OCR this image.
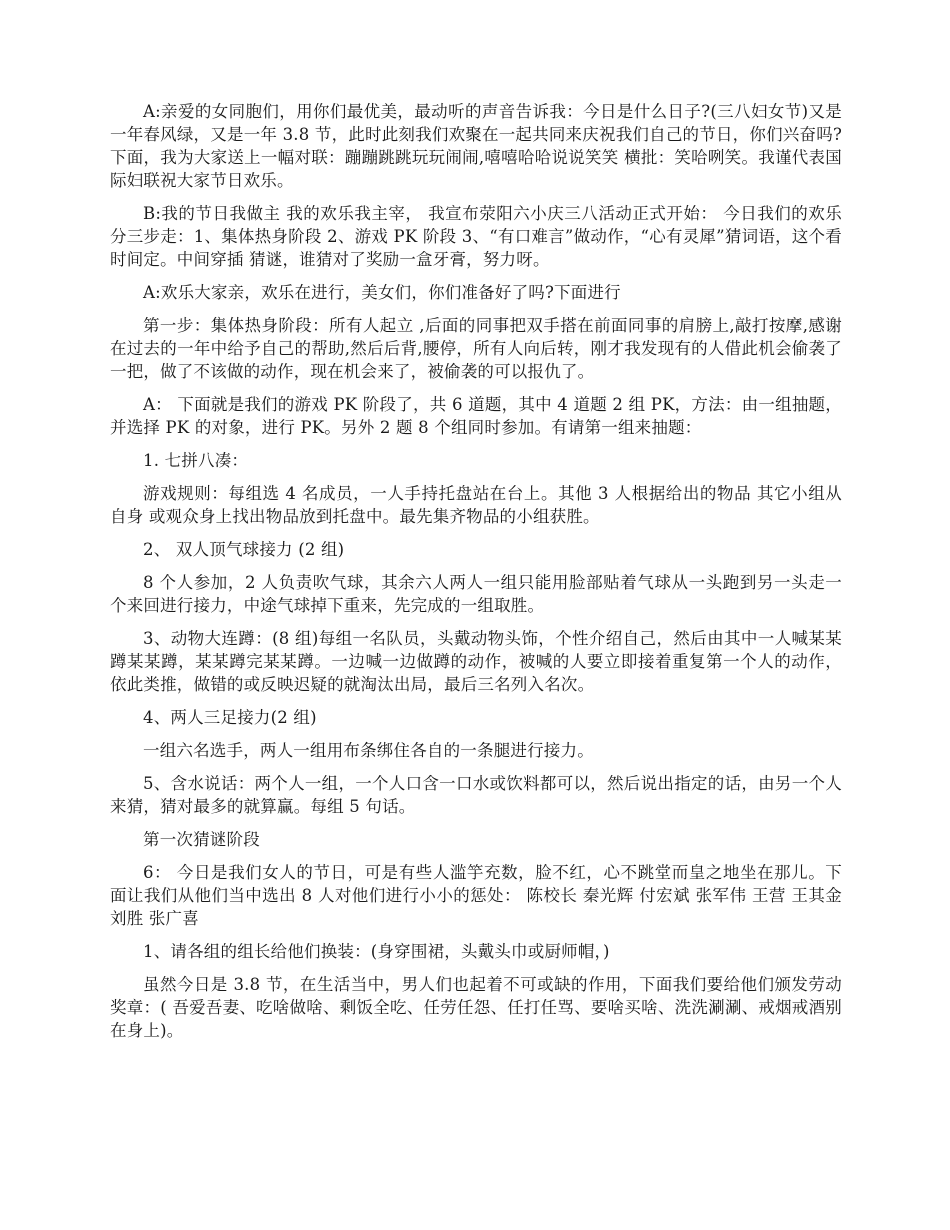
A:亲爱的女同胞们，用你们最优美，最动听的声音告诉我：今日是什么日子?(三八妇女节)又是一年春风绿，又是一年 3.8 节，此时此刻我们欢聚在一起共同来庆祝我们自己的节日，你们兴奋吗?下面，我为大家送上一幅对联：蹦蹦跳跳玩玩闹闹,嘻嘻哈哈说说笑笑 横批：笑哈咧笑。我谨代表国际妇联祝大家节日欢乐。

B:我的节日我做主 我的欢乐我主宰， 我宣布荥阳六小庆三八活动正式开始： 今日我们的欢乐分三步走：1、集体热身阶段 2、游戏 PK 阶段 3、“有口难言”做动作，“心有灵犀”猜词语，这个看时间定。中间穿插 猜谜，谁猜对了奖励一盒牙膏，努力呀。

A:欢乐大家亲，欢乐在进行，美女们，你们准备好了吗?下面进行

第一步：集体热身阶段：所有人起立 ,后面的同事把双手搭在前面同事的肩膀上,敲打按摩,感谢在过去的一年中给予自己的帮助,然后后背,腰停，所有人向后转，刚才我发现有的人借此机会偷袭了一把，做了不该做的动作，现在机会来了，被偷袭的可以报仇了。

A： 下面就是我们的游戏 PK 阶段了，共 6 道题，其中 4 道题 2 组 PK，方法：由一组抽题，并选择 PK 的对象，进行 PK。另外 2 题 8 个组同时参加。有请第一组来抽题：

1. 七拼八凑：

游戏规则：每组选 4 名成员，一人手持托盘站在台上。其他 3 人根据给出的物品 其它小组从自身 或观众身上找出物品放到托盘中。最先集齐物品的小组获胜。

2、 双人顶气球接力 (2 组)

8 个人参加，2 人负责吹气球，其余六人两人一组只能用脸部贴着气球从一头跑到另一头走一个来回进行接力，中途气球掉下重来，先完成的一组取胜。

3、动物大连蹲：(8 组)每组一名队员，头戴动物头饰，个性介绍自己，然后由其中一人喊某某蹲某某蹲，某某蹲完某某蹲。一边喊一边做蹲的动作，被喊的人要立即接着重复第一个人的动作，依此类推，做错的或反映迟疑的就淘汰出局，最后三名列入名次。

4、两人三足接力(2 组)

一组六名选手，两人一组用布条绑住各自的一条腿进行接力。

5、含水说话：两个人一组，一个人口含一口水或饮料都可以，然后说出指定的话，由另一个人来猜，猜对最多的就算赢。每组 5 句话。

第一次猜谜阶段

6： 今日是我们女人的节日，可是有些人滥竽充数，脸不红，心不跳堂而皇之地坐在那儿。下面让我们从他们当中选出 8 人对他们进行小小的惩处： 陈校长 秦光辉 付宏斌 张军伟 王营 王其金 刘胜 张广喜

1、请各组的组长给他们换装：(身穿围裙，头戴头巾或厨师帽，)

虽然今日是 3.8 节，在生活当中，男人们也起着不可或缺的作用，下面我们要给他们颁发劳动奖章：( 吾爱吾妻、吃啥做啥、剩饭全吃、任劳任怨、任打任骂、要啥买啥、洗洗涮涮、戒烟戒酒别在身上)。
